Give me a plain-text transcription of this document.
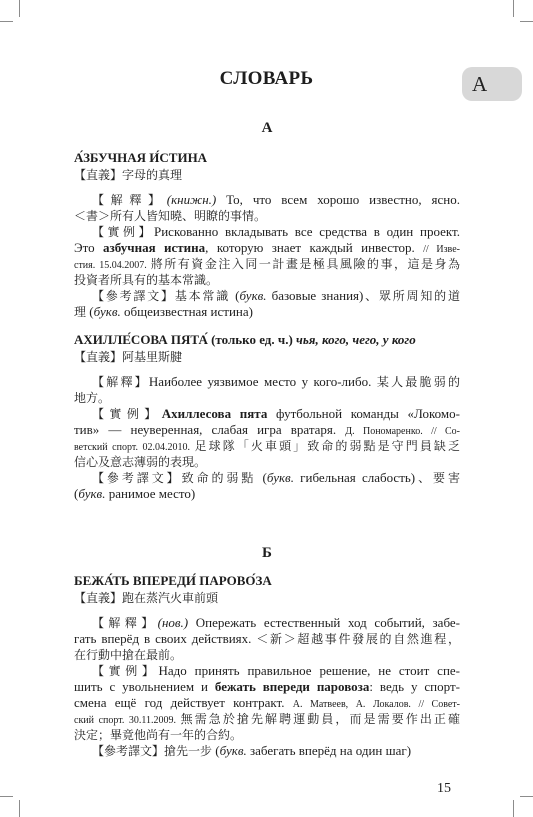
СЛОВАРЬ	А
А
А́ЗБУЧНАЯ И́СТИНА
【直義】字母的真理
【解釋】(книжн.) То, что всем хорошо известно, ясно.
＜書＞所有人皆知曉、明瞭的事情。
【實例】Рискованно вкладывать все средства в один проект.
Это азбучная истина, которую знает каждый инвестор. // Изве-
стия. 15.04.2007. 將所有資金注入同一計畫是極具風險的事，這是身為
投資者所具有的基本常識。
【參考譯文】基本常識 (букв. базовые знания)、眾所周知的道
理 (букв. общеизвестная истина)
АХИЛЛЕ́СОВА ПЯТА́ (только ед. ч.) чья, кого, чего, у кого
【直義】阿基里斯腱
【解釋】Наиболее уязвимое место у кого-либо. 某人最脆弱的
地方。
【實例】Ахиллесова пята футбольной команды «Локомо-
тив» — неуверенная, слабая игра вратаря. Д. Пономаренко. // Со-
ветский спорт. 02.04.2010. 足球隊「火車頭」致命的弱點是守門員缺乏
信心及意志薄弱的表現。
【參考譯文】致命的弱點 (букв. гибельная слабость)、要害
(букв. ранимое место)
Б
БЕЖА́ТЬ ВПЕРЕДИ́ ПАРОВО́ЗА
【直義】跑在蒸汽火車前頭
【解釋】(нов.) Опережать естественный ход событий, забе-
гать вперёд в своих действиях. ＜新＞超越事件發展的自然進程，
在行動中搶在最前。
【實例】Надо принять правильное решение, не стоит спе-
шить с увольнением и бежать впереди паровоза: ведь у спорт-
смена ещё год действует контракт. А. Матвеев, А. Локалов. // Совет-
ский спорт. 30.11.2009. 無需急於搶先解聘運動員，而是需要作出正確
決定；畢竟他尚有一年的合約。
【參考譯文】搶先一步 (букв. забегать вперёд на один шаг)
15
